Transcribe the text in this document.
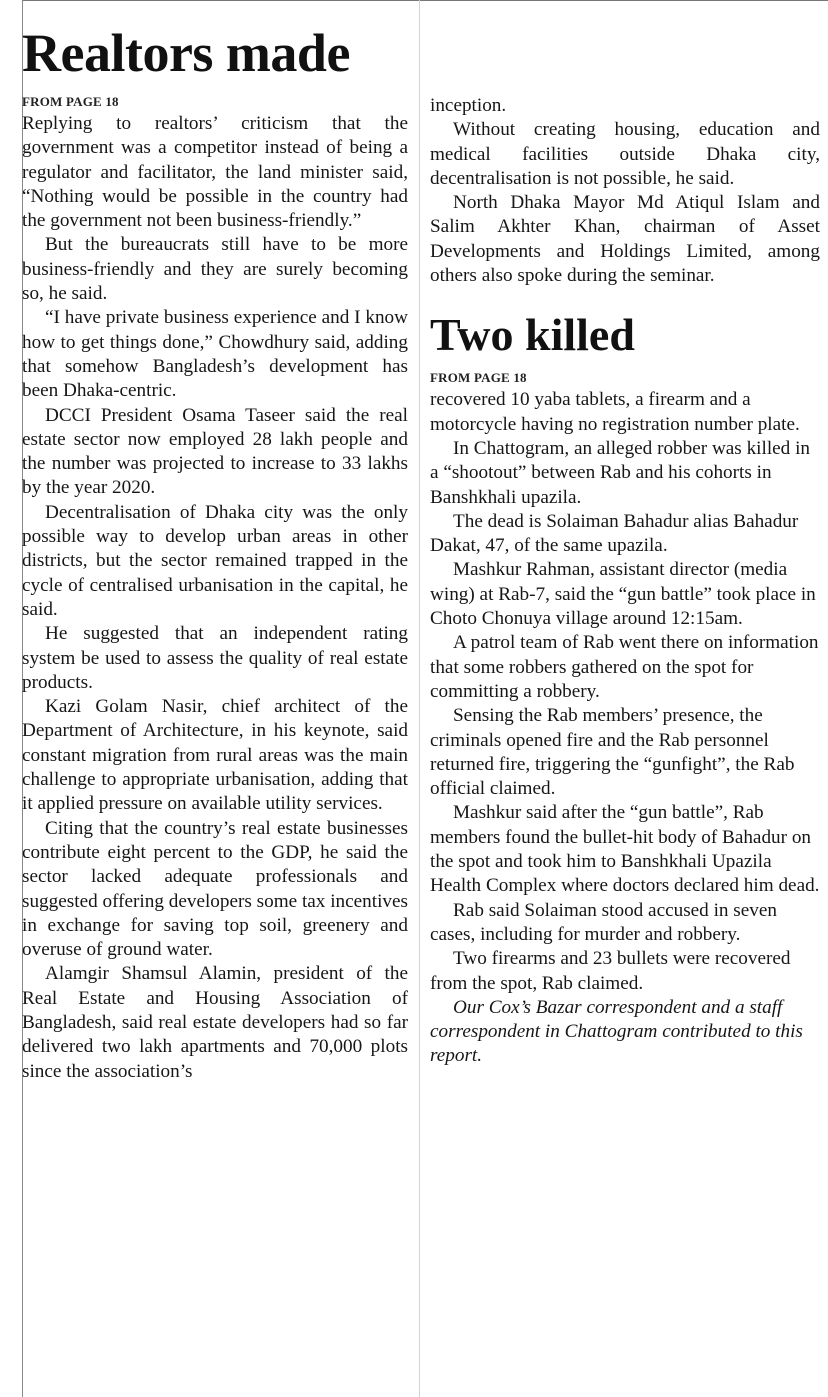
Realtors made
FROM PAGE 18

Replying to realtors’ criticism that the government was a competitor instead of being a regulator and facilitator, the land minister said, “Nothing would be possible in the country had the government not been business-friendly.”

But the bureaucrats still have to be more business-friendly and they are surely becoming so, he said.

“I have private business experience and I know how to get things done,” Chowdhury said, adding that somehow Bangladesh’s development has been Dhaka-centric.

DCCI President Osama Taseer said the real estate sector now employed 28 lakh people and the number was projected to increase to 33 lakhs by the year 2020.

Decentralisation of Dhaka city was the only possible way to develop urban areas in other districts, but the sector remained trapped in the cycle of centralised urbanisation in the capital, he said.

He suggested that an independent rating system be used to assess the quality of real estate products.

Kazi Golam Nasir, chief architect of the Department of Architecture, in his keynote, said constant migration from rural areas was the main challenge to appropriate urbanisation, adding that it applied pressure on available utility services.

Citing that the country’s real estate businesses contribute eight percent to the GDP, he said the sector lacked adequate professionals and suggested offering developers some tax incentives in exchange for saving top soil, greenery and overuse of ground water.

Alamgir Shamsul Alamin, president of the Real Estate and Housing Association of Bangladesh, said real estate developers had so far delivered two lakh apartments and 70,000 plots since the association’s

inception.

Without creating housing, education and medical facilities outside Dhaka city, decentralisation is not possible, he said.

North Dhaka Mayor Md Atiqul Islam and Salim Akhter Khan, chairman of Asset Developments and Holdings Limited, among others also spoke during the seminar.

Two killed
FROM PAGE 18

recovered 10 yaba tablets, a firearm and a motorcycle having no registration number plate.

In Chattogram, an alleged robber was killed in a “shootout” between Rab and his cohorts in Banshkhali upazila.

The dead is Solaiman Bahadur alias Bahadur Dakat, 47, of the same upazila.

Mashkur Rahman, assistant director (media wing) at Rab-7, said the “gun battle” took place in Choto Chonuya village around 12:15am.

A patrol team of Rab went there on information that some robbers gathered on the spot for committing a robbery.

Sensing the Rab members’ presence, the criminals opened fire and the Rab personnel returned fire, triggering the “gunfight”, the Rab official claimed.

Mashkur said after the “gun battle”, Rab members found the bullet-hit body of Bahadur on the spot and took him to Banshkhali Upazila Health Complex where doctors declared him dead.

Rab said Solaiman stood accused in seven cases, including for murder and robbery.

Two firearms and 23 bullets were recovered from the spot, Rab claimed.

Our Cox’s Bazar correspondent and a staff correspondent in Chattogram contributed to this report.
